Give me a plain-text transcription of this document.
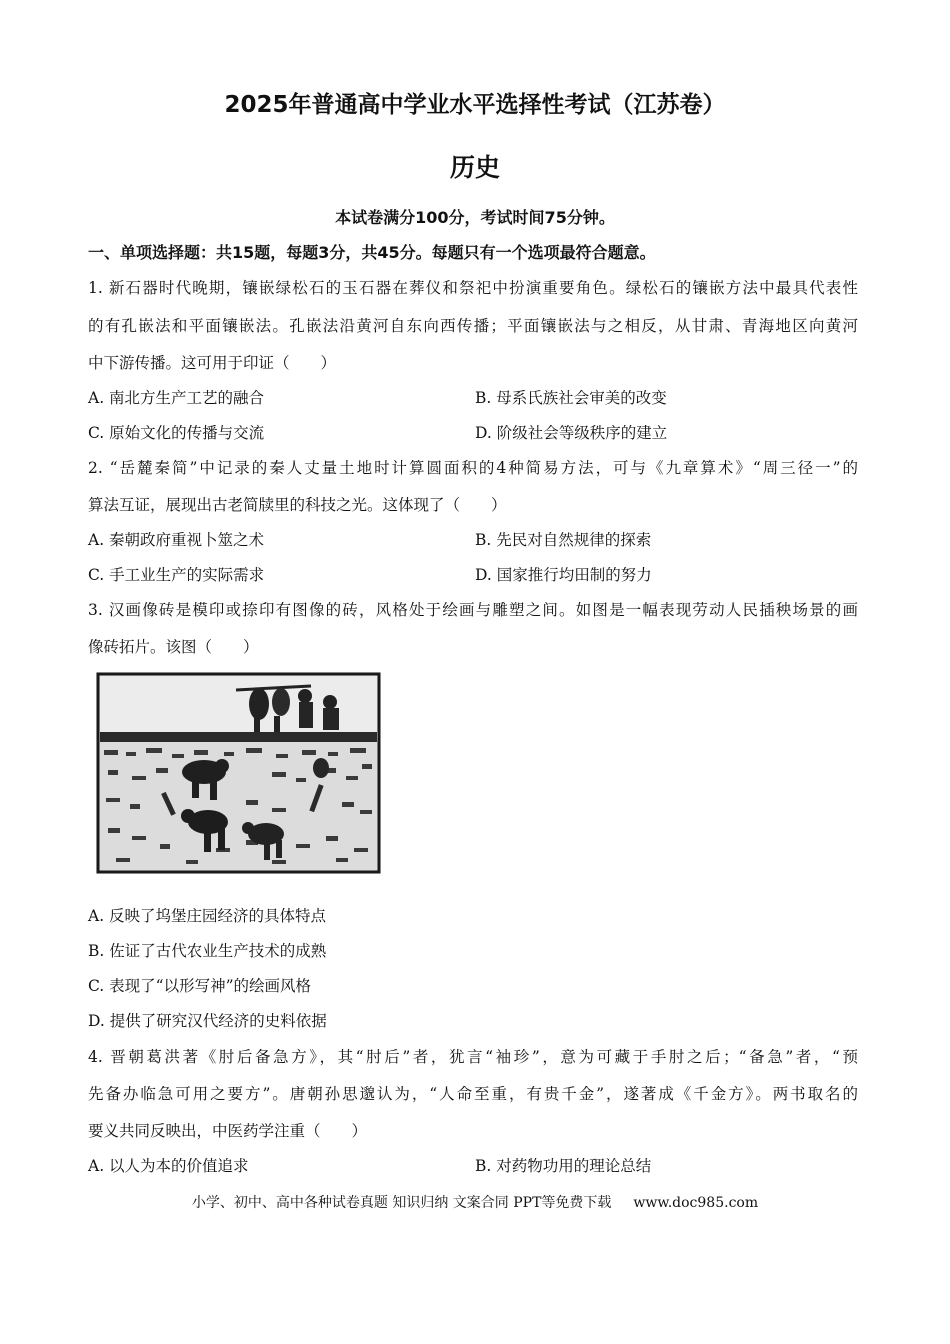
2025年普通高中学业水平选择性考试（江苏卷）
历史
本试卷满分100分，考试时间75分钟。
一、单项选择题：共15题，每题3分，共45分。每题只有一个选项最符合题意。
1. 新石器时代晚期，镶嵌绿松石的玉石器在葬仪和祭祀中扮演重要角色。绿松石的镶嵌方法中最具代表性
的有孔嵌法和平面镶嵌法。孔嵌法沿黄河自东向西传播；平面镶嵌法与之相反，从甘肃、青海地区向黄河
中下游传播。这可用于印证（　　）
A. 南北方生产工艺的融合	B. 母系氏族社会审美的改变
C. 原始文化的传播与交流	D. 阶级社会等级秩序的建立
2. “岳麓秦简”中记录的秦人丈量土地时计算圆面积的4种简易方法，可与《九章算术》“周三径一”的
算法互证，展现出古老简牍里的科技之光。这体现了（　　）
A. 秦朝政府重视卜筮之术	B. 先民对自然规律的探索
C. 手工业生产的实际需求	D. 国家推行均田制的努力
3. 汉画像砖是模印或捺印有图像的砖，风格处于绘画与雕塑之间。如图是一幅表现劳动人民插秧场景的画
像砖拓片。该图（　　）
A. 反映了坞堡庄园经济的具体特点
B. 佐证了古代农业生产技术的成熟
C. 表现了“以形写神”的绘画风格
D. 提供了研究汉代经济的史料依据
4. 晋朝葛洪著《肘后备急方》，其“肘后”者，犹言“袖珍”，意为可藏于手肘之后；“备急”者，“预
先备办临急可用之要方”。唐朝孙思邈认为，“人命至重，有贵千金”，遂著成《千金方》。两书取名的
要义共同反映出，中医药学注重（　　）
A. 以人为本的价值追求	B. 对药物功用的理论总结
小学、初中、高中各种试卷真题 知识归纳 文案合同 PPT等免费下载 www.doc985.com
